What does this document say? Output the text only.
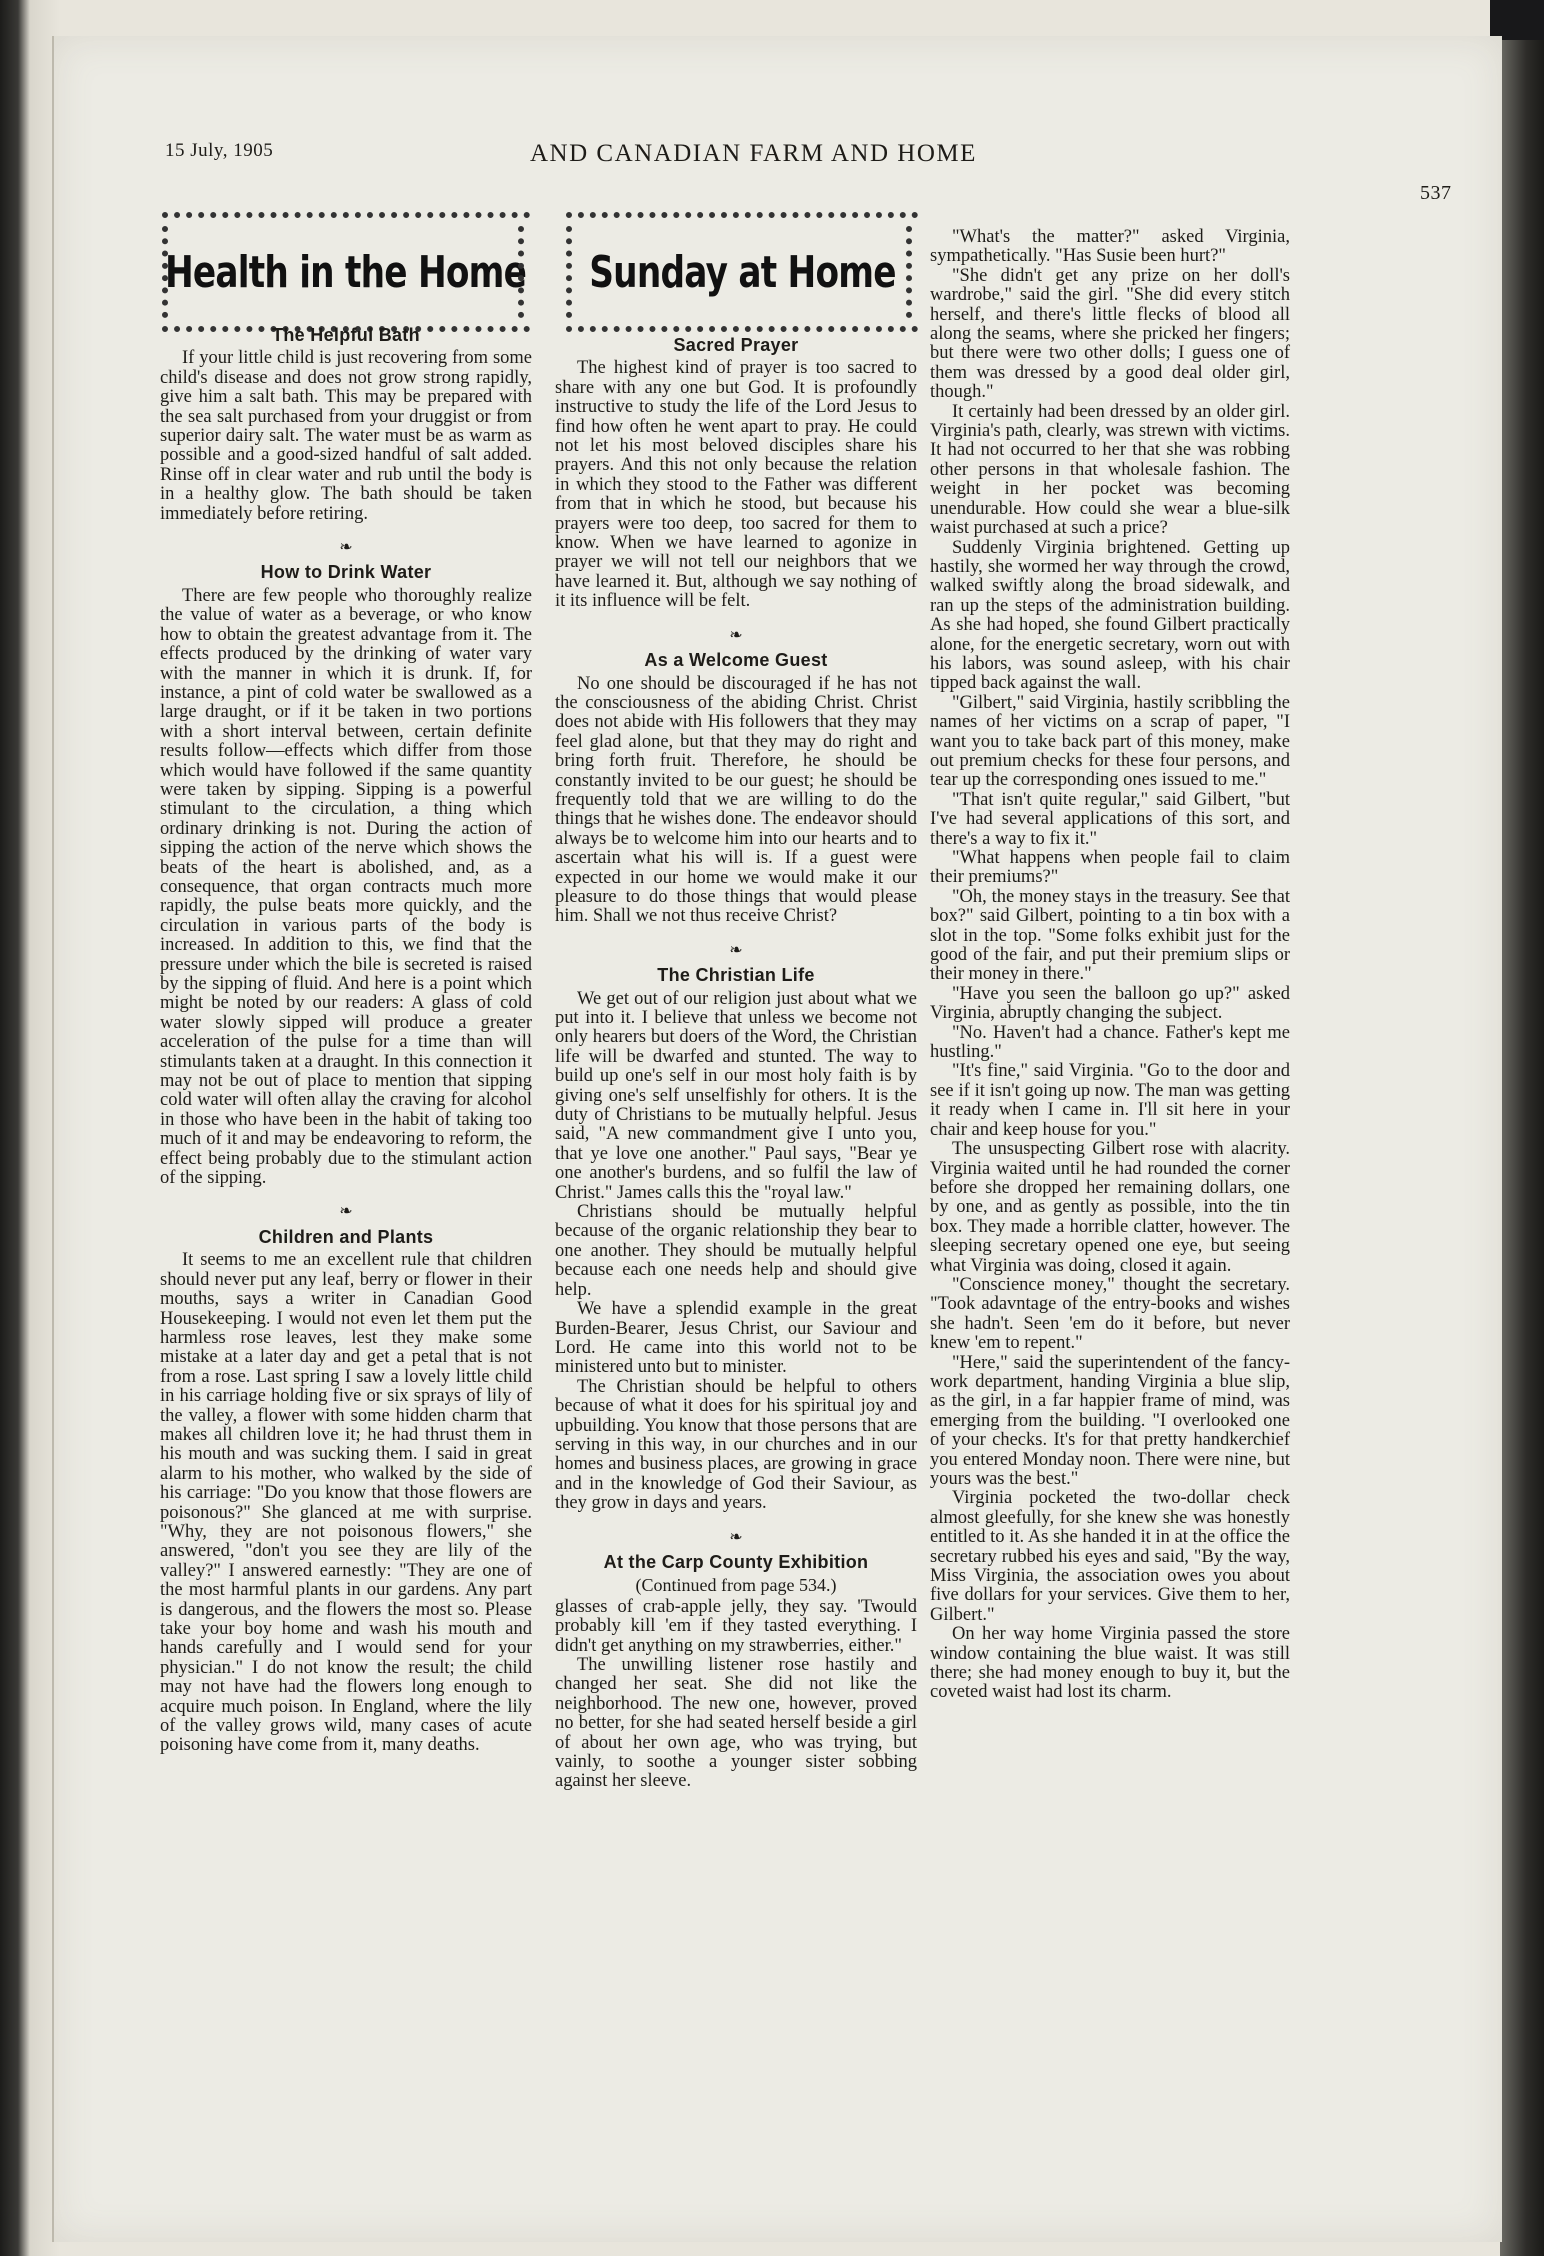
15 July, 1905	AND CANADIAN FARM AND HOME
537
Health in the Home Sunday at Home
The Helpful Bath

If your little child is just recovering from some child's disease and does not grow strong rapidly, give him a salt bath. This may be prepared with the sea salt purchased from your druggist or from superior dairy salt. The water must be as warm as possible and a good-sized handful of salt added. Rinse off in clear water and rub until the body is in a healthy glow. The bath should be taken immediately before retiring.

❧
How to Drink Water

There are few people who thoroughly realize the value of water as a beverage, or who know how to obtain the greatest advantage from it. The effects produced by the drinking of water vary with the manner in which it is drunk. If, for instance, a pint of cold water be swallowed as a large draught, or if it be taken in two portions with a short interval between, certain definite results follow—effects which differ from those which would have followed if the same quantity were taken by sipping. Sipping is a powerful stimulant to the circulation, a thing which ordinary drinking is not. During the action of sipping the action of the nerve which shows the beats of the heart is abolished, and, as a consequence, that organ contracts much more rapidly, the pulse beats more quickly, and the circulation in various parts of the body is increased. In addition to this, we find that the pressure under which the bile is secreted is raised by the sipping of fluid. And here is a point which might be noted by our readers: A glass of cold water slowly sipped will produce a greater acceleration of the pulse for a time than will stimulants taken at a draught. In this connection it may not be out of place to mention that sipping cold water will often allay the craving for alcohol in those who have been in the habit of taking too much of it and may be endeavoring to reform, the effect being probably due to the stimulant action of the sipping.

❧
Children and Plants

It seems to me an excellent rule that children should never put any leaf, berry or flower in their mouths, says a writer in Canadian Good Housekeeping. I would not even let them put the harmless rose leaves, lest they make some mistake at a later day and get a petal that is not from a rose. Last spring I saw a lovely little child in his carriage holding five or six sprays of lily of the valley, a flower with some hidden charm that makes all children love it; he had thrust them in his mouth and was sucking them. I said in great alarm to his mother, who walked by the side of his carriage: "Do you know that those flowers are poisonous?" She glanced at me with surprise. "Why, they are not poisonous flowers," she answered, "don't you see they are lily of the valley?" I answered earnestly: "They are one of the most harmful plants in our gardens. Any part is dangerous, and the flowers the most so. Please take your boy home and wash his mouth and hands carefully and I would send for your physician." I do not know the result; the child may not have had the flowers long enough to acquire much poison. In England, where the lily of the valley grows wild, many cases of acute poisoning have come from it, many deaths.

Sacred Prayer

The highest kind of prayer is too sacred to share with any one but God. It is profoundly instructive to study the life of the Lord Jesus to find how often he went apart to pray. He could not let his most beloved disciples share his prayers. And this not only because the relation in which they stood to the Father was different from that in which he stood, but because his prayers were too deep, too sacred for them to know. When we have learned to agonize in prayer we will not tell our neighbors that we have learned it. But, although we say nothing of it its influence will be felt.

❧
As a Welcome Guest

No one should be discouraged if he has not the consciousness of the abiding Christ. Christ does not abide with His followers that they may feel glad alone, but that they may do right and bring forth fruit. Therefore, he should be constantly invited to be our guest; he should be frequently told that we are willing to do the things that he wishes done. The endeavor should always be to welcome him into our hearts and to ascertain what his will is. If a guest were expected in our home we would make it our pleasure to do those things that would please him. Shall we not thus receive Christ?

❧
The Christian Life

We get out of our religion just about what we put into it. I believe that unless we become not only hearers but doers of the Word, the Christian life will be dwarfed and stunted. The way to build up one's self in our most holy faith is by giving one's self unselfishly for others. It is the duty of Christians to be mutually helpful. Jesus said, "A new commandment give I unto you, that ye love one another." Paul says, "Bear ye one another's burdens, and so fulfil the law of Christ." James calls this the "royal law."

Christians should be mutually helpful because of the organic relationship they bear to one another. They should be mutually helpful because each one needs help and should give help.

We have a splendid example in the great Burden-Bearer, Jesus Christ, our Saviour and Lord. He came into this world not to be ministered unto but to minister.

The Christian should be helpful to others because of what it does for his spiritual joy and upbuilding. You know that those persons that are serving in this way, in our churches and in our homes and business places, are growing in grace and in the knowledge of God their Saviour, as they grow in days and years.

❧
At the Carp County Exhibition
(Continued from page 534.)

glasses of crab-apple jelly, they say. 'Twould probably kill 'em if they tasted everything. I didn't get anything on my strawberries, either."

The unwilling listener rose hastily and changed her seat. She did not like the neighborhood. The new one, however, proved no better, for she had seated herself beside a girl of about her own age, who was trying, but vainly, to soothe a younger sister sobbing against her sleeve.

"What's the matter?" asked Virginia, sympathetically. "Has Susie been hurt?"

"She didn't get any prize on her doll's wardrobe," said the girl. "She did every stitch herself, and there's little flecks of blood all along the seams, where she pricked her fingers; but there were two other dolls; I guess one of them was dressed by a good deal older girl, though."

It certainly had been dressed by an older girl. Virginia's path, clearly, was strewn with victims. It had not occurred to her that she was robbing other persons in that wholesale fashion. The weight in her pocket was becoming unendurable. How could she wear a blue-silk waist purchased at such a price?

Suddenly Virginia brightened. Getting up hastily, she wormed her way through the crowd, walked swiftly along the broad sidewalk, and ran up the steps of the administration building. As she had hoped, she found Gilbert practically alone, for the energetic secretary, worn out with his labors, was sound asleep, with his chair tipped back against the wall.

"Gilbert," said Virginia, hastily scribbling the names of her victims on a scrap of paper, "I want you to take back part of this money, make out premium checks for these four persons, and tear up the corresponding ones issued to me."

"That isn't quite regular," said Gilbert, "but I've had several applications of this sort, and there's a way to fix it."

"What happens when people fail to claim their premiums?"

"Oh, the money stays in the treasury. See that box?" said Gilbert, pointing to a tin box with a slot in the top. "Some folks exhibit just for the good of the fair, and put their premium slips or their money in there."

"Have you seen the balloon go up?" asked Virginia, abruptly changing the subject.

"No. Haven't had a chance. Father's kept me hustling."

"It's fine," said Virginia. "Go to the door and see if it isn't going up now. The man was getting it ready when I came in. I'll sit here in your chair and keep house for you."

The unsuspecting Gilbert rose with alacrity. Virginia waited until he had rounded the corner before she dropped her remaining dollars, one by one, and as gently as possible, into the tin box. They made a horrible clatter, however. The sleeping secretary opened one eye, but seeing what Virginia was doing, closed it again.

"Conscience money," thought the secretary. "Took adavntage of the entry-books and wishes she hadn't. Seen 'em do it before, but never knew 'em to repent."

"Here," said the superintendent of the fancy-work department, handing Virginia a blue slip, as the girl, in a far happier frame of mind, was emerging from the building. "I overlooked one of your checks. It's for that pretty handkerchief you entered Monday noon. There were nine, but yours was the best."

Virginia pocketed the two-dollar check almost gleefully, for she knew she was honestly entitled to it. As she handed it in at the office the secretary rubbed his eyes and said, "By the way, Miss Virginia, the association owes you about five dollars for your services. Give them to her, Gilbert."

On her way home Virginia passed the store window containing the blue waist. It was still there; she had money enough to buy it, but the coveted waist had lost its charm.
